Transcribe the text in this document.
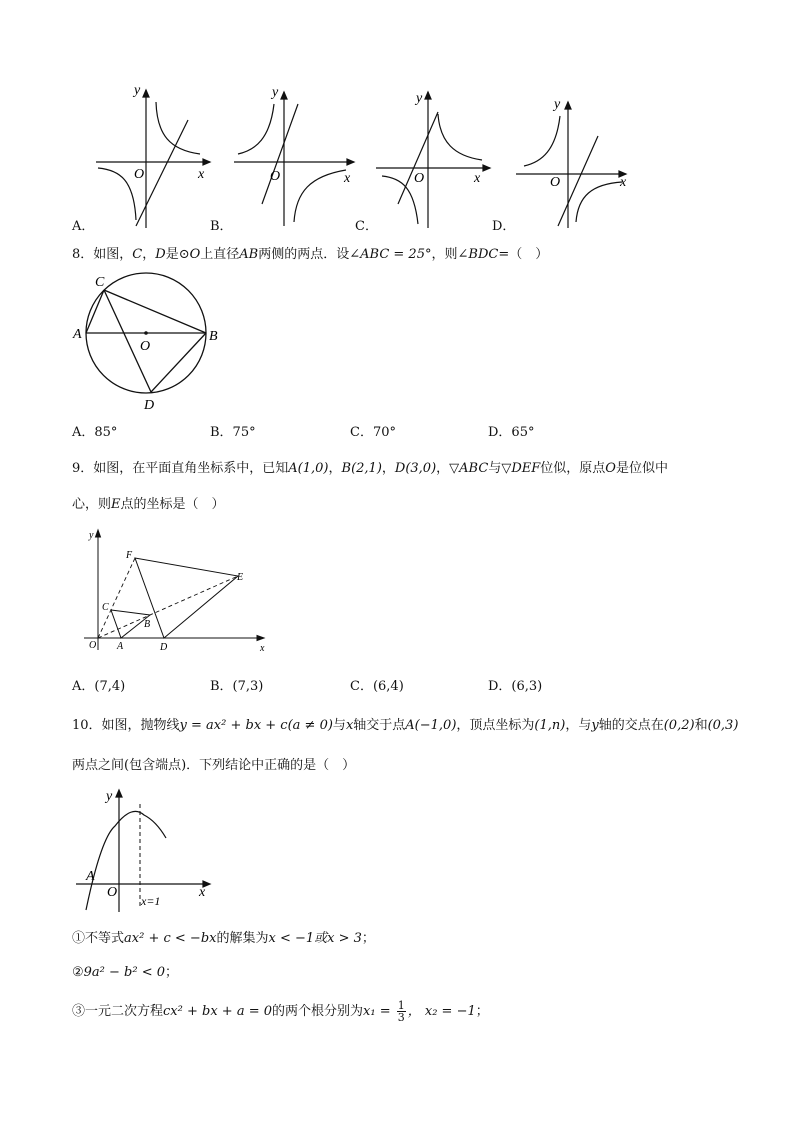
y
x
O
A．
y
x
O
B．
y
x
O
C．
y
x
O
D．
8．如图，C，D是⊙O上直径AB两侧的两点．设∠ABC = 25°，则∠BDC=（　）
C
A	B
O
D
A．85°	B．75°	C．70°	D．65°
9．如图，在平面直角坐标系中，已知A(1,0)，B(2,1)，D(3,0)，▽ABC与▽DEF位似，原点O是位似中
心，则E点的坐标是（　）
y
x
O A
B
C
D
E
F
A．(7,4)	B．(7,3)	C．(6,4)	D．(6,3)
10．如图，抛物线y = ax² + bx + c(a ≠ 0)与x轴交于点A(−1,0)，顶点坐标为(1,n)，与y轴的交点在(0,2)和(0,3)
两点之间(包含端点)．下列结论中正确的是（　）
y
x
O
A
x=1
①不等式ax² + c < −bx的解集为x < −1或x > 3；
②9a² − b² < 0；
③一元二次方程cx² + bx + a = 0的两个根分别为$x_1 = \frac{1}{3}$ ， x₂ = −1；
